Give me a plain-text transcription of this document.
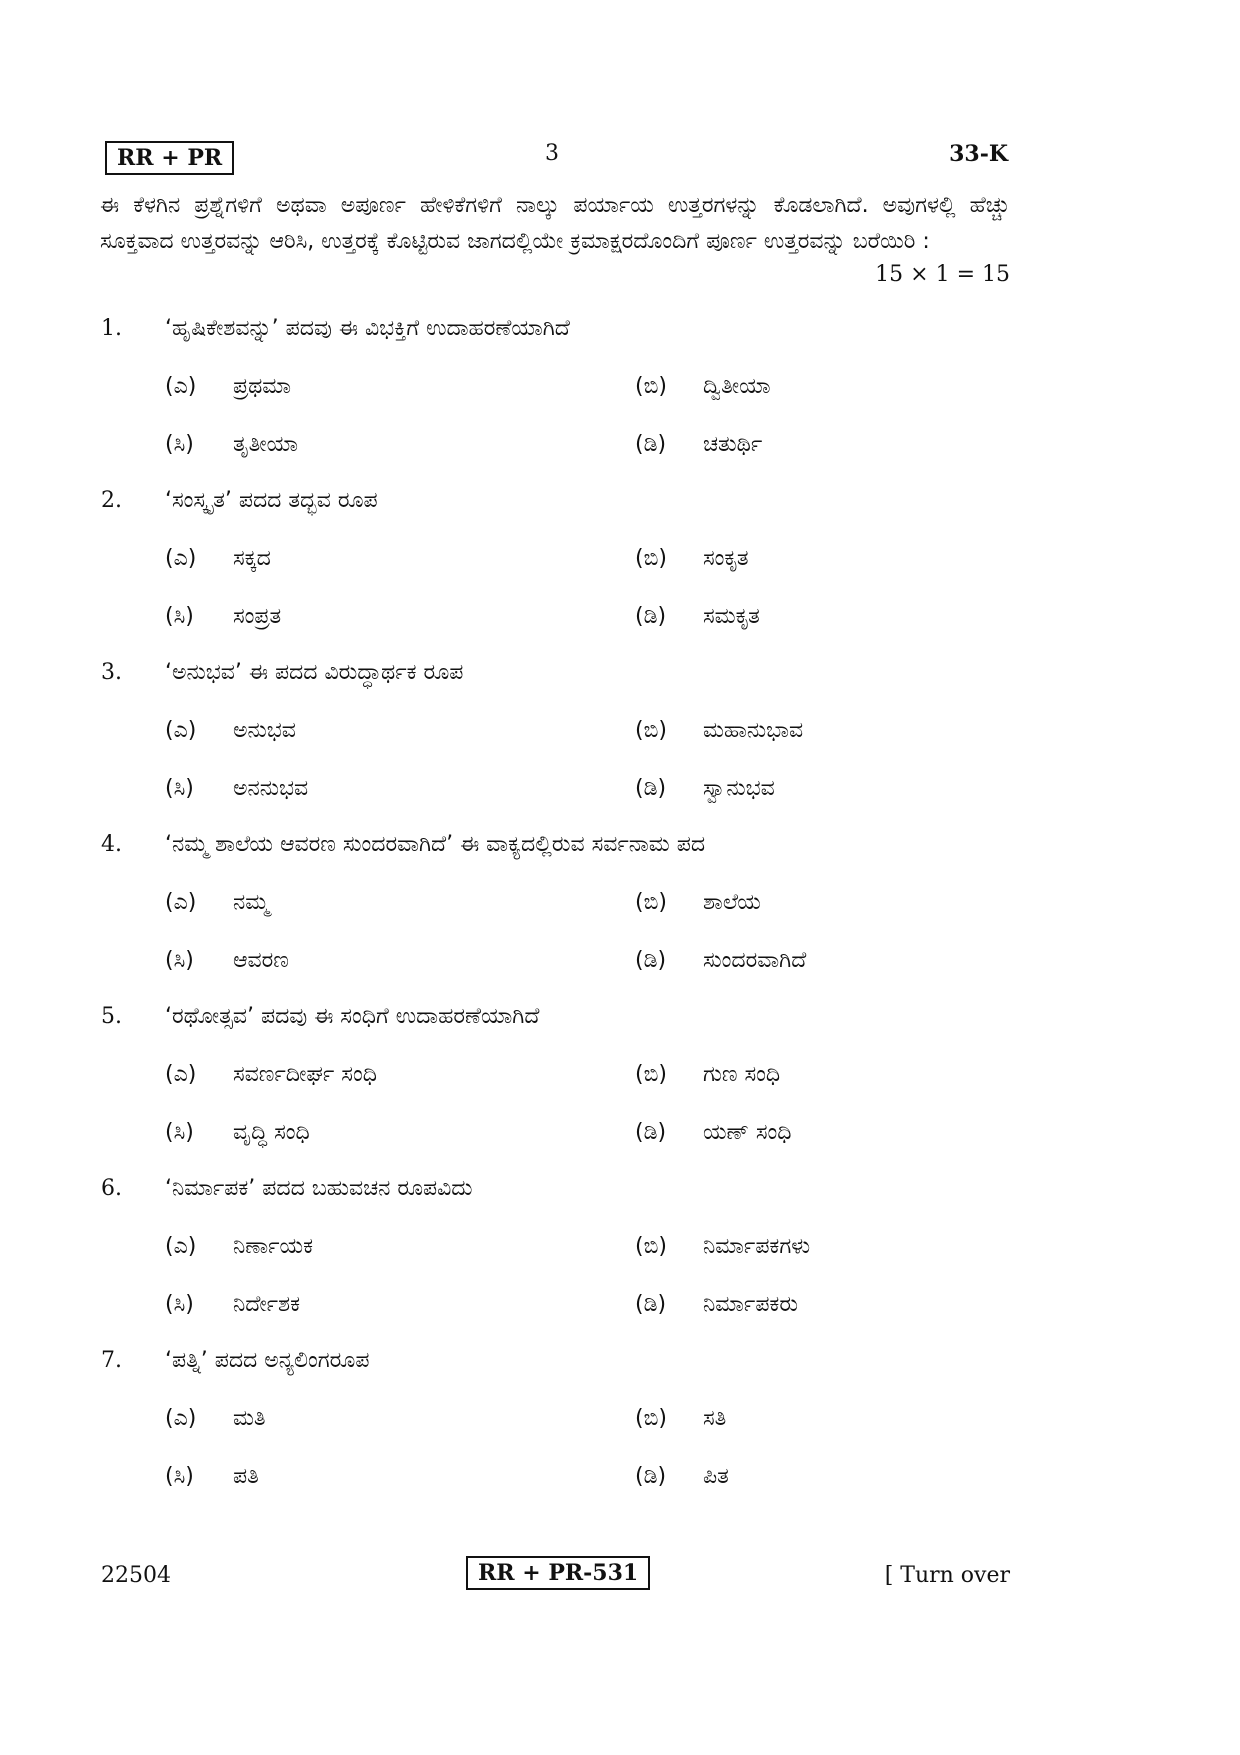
RR + PR	3	33-K
ಈ ಕೆಳಗಿನ ಪ್ರಶ್ನೆಗಳಿಗೆ ಅಥವಾ ಅಪೂರ್ಣ ಹೇಳಿಕೆಗಳಿಗೆ ನಾಲ್ಕು ಪರ್ಯಾಯ ಉತ್ತರಗಳನ್ನು ಕೊಡಲಾಗಿದೆ. ಅವುಗಳಲ್ಲಿ ಹೆಚ್ಚು ಸೂಕ್ತವಾದ ಉತ್ತರವನ್ನು ಆರಿಸಿ, ಉತ್ತರಕ್ಕೆ ಕೊಟ್ಟಿರುವ ಜಾಗದಲ್ಲಿಯೇ ಕ್ರಮಾಕ್ಷರದೊಂದಿಗೆ ಪೂರ್ಣ ಉತ್ತರವನ್ನು ಬರೆಯಿರಿ :
15 × 1 = 15
1.	‘ಹೃಷಿಕೇಶವನ್ನು’ ಪದವು ಈ ವಿಭಕ್ತಿಗೆ ಉದಾಹರಣೆಯಾಗಿದೆ
(ಎ) ಪ್ರಥಮಾ	(ಬಿ) ದ್ವಿತೀಯಾ
(ಸಿ) ತೃತೀಯಾ	(ಡಿ) ಚತುರ್ಥಿ
2.	‘ಸಂಸ್ಕೃತ’ ಪದದ ತದ್ಭವ ರೂಪ
(ಎ) ಸಕ್ಕದ	(ಬಿ) ಸಂಕೃತ
(ಸಿ) ಸಂಪ್ರತ	(ಡಿ) ಸಮಕೃತ
3.	‘ಅನುಭವ’ ಈ ಪದದ ವಿರುದ್ಧಾರ್ಥಕ ರೂಪ
(ಎ) ಅನುಭವ	(ಬಿ) ಮಹಾನುಭಾವ
(ಸಿ) ಅನನುಭವ	(ಡಿ) ಸ್ವಾನುಭವ
4.	‘ನಮ್ಮ ಶಾಲೆಯ ಆವರಣ ಸುಂದರವಾಗಿದೆ’ ಈ ವಾಕ್ಯದಲ್ಲಿರುವ ಸರ್ವನಾಮ ಪದ
(ಎ) ನಮ್ಮ	(ಬಿ) ಶಾಲೆಯ
(ಸಿ) ಆವರಣ	(ಡಿ) ಸುಂದರವಾಗಿದೆ
5.	‘ರಥೋತ್ಸವ’ ಪದವು ಈ ಸಂಧಿಗೆ ಉದಾಹರಣೆಯಾಗಿದೆ
(ಎ) ಸವರ್ಣದೀರ್ಘ ಸಂಧಿ	(ಬಿ) ಗುಣ ಸಂಧಿ
(ಸಿ) ವೃದ್ಧಿ ಸಂಧಿ	(ಡಿ) ಯಣ್ ಸಂಧಿ
6.	‘ನಿರ್ಮಾಪಕ’ ಪದದ ಬಹುವಚನ ರೂಪವಿದು
(ಎ) ನಿರ್ಣಾಯಕ	(ಬಿ) ನಿರ್ಮಾಪಕಗಳು
(ಸಿ) ನಿರ್ದೇಶಕ	(ಡಿ) ನಿರ್ಮಾಪಕರು
7.	‘ಪತ್ನಿ’ ಪದದ ಅನ್ಯಲಿಂಗರೂಪ
(ಎ) ಮತಿ	(ಬಿ) ಸತಿ
(ಸಿ) ಪತಿ	(ಡಿ) ಪಿತ
22504	RR + PR-531	[ Turn over
